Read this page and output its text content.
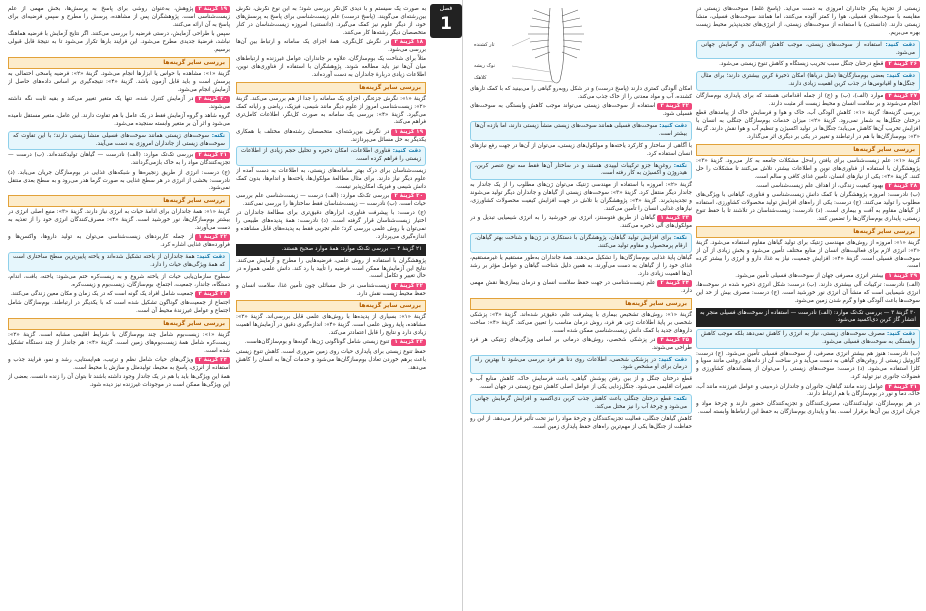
زیستی از تجزیهٔ پیکر جانداران امروزی به دست می‌آید. (پاسخ غلط) سوخت‌های زیستی در مقایسه با سوخت‌های فسیلی، هوا را کمتر آلوده می‌کنند، اما همانند سوخت‌های فسیلی، منشأ زیستی دارند. (دانستنی) با استفاده از سوخت‌های زیستی، از انرژی‌های تجدیدپذیر محیط زیست بهره می‌بریم.

دقت کنید: استفاده از سوخت‌های زیستی، موجب کاهش آلایندگی و گرمایش جهانی می‌شود.

۲۶ گزینهٔ ۲قطع درختان جنگل سبب تخریب زیستگاه و کاهش تنوع زیستی می‌شود.

دقت کنید: بعضی بوم‌سازگان‌ها (مثل دریاها) امکان ذخیرهٔ کربن بیشتری دارند؛ برای مثال جنگل‌ها و اقیانوس‌ها در جذب کربن اهمیت زیادی دارند.

۲۷ گزینهٔ ۴موارد (الف)، (ب) و (ج) از جمله اقداماتی هستند که برای پایداری بوم‌سازگان انجام می‌شوند و بر سلامت انسان و محیط زیست اثر مثبت دارند.

بررسی گزینه‌ها: گزینهٔ «۱»: کاهش آلودگی آب، خاک و هوا و فرسایش خاک از پیامدهای قطع درختان جنگل‌ها به شمار نمی‌رود. گزینهٔ «۲»: میزان خدمات بوم‌سازگان جنگلی به انسان با افزایش تخریب آن‌ها کاهش می‌یابد؛ جنگل‌ها در تولید اکسیژن و تنظیم آب و هوا نقش دارند. گزینهٔ «۳»: بوم‌سازگان‌ها با هم در ارتباطند و تغییر در یکی بر دیگری اثر می‌گذارد.

بررسی سایر گزینه‌ها

گزینهٔ «۱»: علم زیست‌شناسی برای یافتن راه‌حل مشکلات جامعه به کار می‌رود. گزینهٔ «۳»: پژوهشگران با استفاده از فناوری‌های نوین و اطلاعات بیشتر، تلاش می‌کنند تا مشکلات را حل کنند. گزینهٔ «۴»: یکی از نیازهای انسان، تأمین غذای کافی و سالم است.

۲۸ گزینهٔ ۲بهبود کیفیت زندگی، از اهداف علم زیست‌شناسی است.

(ب) نادرست: امروزه پژوهشگران با کمک دانش زیست‌شناسی و فناوری، گیاهانی با ویژگی‌های مطلوب را تولید می‌کنند. (ج) درست: یکی از راه‌های افزایش تولید محصولات کشاورزی، استفاده از گیاهان مقاوم به آفت و بیماری است. (د) نادرست: زیست‌شناسان در تلاشند تا با حفظ تنوع زیستی، پایداری بوم‌سازگان‌ها را تضمین کنند.

بررسی سایر گزینه‌ها

گزینهٔ «۱»: امروزه از روش‌های مهندسی ژنتیک برای تولید گیاهان مقاوم استفاده می‌شود. گزینهٔ «۳»: انرژی لازم برای فعالیت‌های انسان از منابع مختلف تأمین می‌شود و بخش زیادی از آن از سوخت‌های فسیلی است. گزینهٔ «۴»: افزایش جمعیت، نیاز به غذا، دارو و انرژی را بیشتر کرده است.

۲۹ گزینهٔ ۱بیشتر انرژی مصرفی جهان از سوخت‌های فسیلی تأمین می‌شود.

(الف) نادرست: ترکیبات آلی بیشتری دارند. (ب) درست: شکل انرژی ذخیره شده در سوخت‌ها، انرژی شیمیایی است که منشأ آن انرژی نور خورشید است. (ج) درست: مصرف بیش از حد این سوخت‌ها باعث آلودگی هوا و گرم شدن زمین می‌شود.

۳۰ گزینهٔ ۳ — بررسی تک‌تک موارد: (الف) نادرست — استفاده از سوخت‌های فسیلی منجر به انتشار گاز کربن دی‌اکسید می‌شود.
دقت کنید: مصرف سوخت‌های زیستی، نیاز به انرژی را کاهش نمی‌دهد بلکه موجب کاهش وابستگی به سوخت‌های فسیلی می‌شود.

(ب) نادرست: هنوز هم بیشتر انرژی مصرفی، از سوخت‌های فسیلی تأمین می‌شود. (ج) درست: گازوئیل زیستی از روغن‌های گیاهی به دست می‌آید و در ساخت آن از دانه‌های روغنی مانند سویا و کلزا استفاده می‌شود. (د) درست: سوخت‌های زیستی را می‌توان از پسماندهای کشاورزی و فضولات جانوری نیز تولید کرد.

۳۱ گزینهٔ ۴عوامل زنده مانند گیاهان، جانوران و جانداران ذره‌بینی و عوامل غیرزنده مانند آب، خاک، دما و نور در بوم‌سازگان با هم ارتباط دارند.

در هر بوم‌سازگان، تولیدکنندگان، مصرف‌کنندگان و تجزیه‌کنندگان حضور دارند و چرخهٔ مواد و جریان انرژی بین آن‌ها برقرار است. بقا و پایداری بوم‌سازگان به حفظ این ارتباط‌ها وابسته است.

امکان آلودگی کمتری دارند (پاسخ درست) و در شکل روبه‌رو گیاهی را می‌بینید که با کمک تارهای کشنده، آب و مواد معدنی را از خاک جذب می‌کند.

۳۲ گزینهٔ ۳استفاده از سوخت‌های زیستی می‌تواند موجب کاهش وابستگی به سوخت‌های فسیلی شود.

دقت کنید: سوخت‌های فسیلی همانند سوخت‌های زیستی منشأ زیستی دارند، اما بازده آن‌ها بیشتر است.

با آگاهی از ساختار و کارکرد یاخته‌ها و مولکول‌های زیستی، می‌توان از آن‌ها در جهت رفع نیازهای انسان استفاده کرد.

نکته: روغن‌ها جزو ترکیبات لیپیدی هستند و در ساختار آن‌ها فقط سه نوع عنصر کربن، هیدروژن و اکسیژن به کار رفته است.

گزینهٔ «۲»: امروزه با استفاده از مهندسی ژنتیک می‌توان ژن‌های مطلوب را از یک جاندار به جاندار دیگر منتقل کرد. گزینهٔ «۳»: سوخت‌های زیستی از گیاهان و جانداران دیگر تولید می‌شوند و تجدیدپذیرند. گزینهٔ «۴»: پژوهشگران با تلاش در جهت افزایش کیفیت محصولات کشاورزی، نیازهای غذایی انسان را تأمین می‌کنند.

۳۳ گزینهٔ ۱گیاهان از طریق فتوسنتز، انرژی نور خورشید را به انرژی شیمیایی تبدیل و در مولکول‌های آلی ذخیره می‌کنند.

نکته: برای افزایش تولید گیاهان، پژوهشگران با دستکاری در ژن‌ها و شناخت بهتر گیاهان، ارقام پرمحصول و مقاوم تولید می‌کنند.

گیاهان پایهٔ غذایی بوم‌سازگان‌ها را تشکیل می‌دهند. همهٔ جانداران به‌طور مستقیم یا غیرمستقیم، غذای خود را از گیاهان به دست می‌آورند. به همین دلیل شناخت گیاهان و عوامل مؤثر بر رشد آن‌ها اهمیت زیادی دارد.

۳۴ گزینهٔ ۲علم زیست‌شناسی در جهت حفظ سلامت انسان و درمان بیماری‌ها نقش مهمی دارد.

بررسی سایر گزینه‌ها

گزینهٔ «۱»: روش‌های تشخیص بیماری با پیشرفت علم، دقیق‌تر شده‌اند. گزینهٔ «۳»: پزشکی شخصی بر پایهٔ اطلاعات ژنی هر فرد، روش درمان مناسب را تعیین می‌کند. گزینهٔ «۴»: ساخت داروهای جدید با کمک دانش زیست‌شناسی ممکن شده است.

۳۵ گزینهٔ ۴در پزشکی شخصی، روش‌های درمانی بر اساس ویژگی‌های ژنتیکی هر فرد طراحی می‌شوند.

دقت کنید: در پزشکی شخصی، اطلاعات روی دنا هر فرد بررسی می‌شود تا بهترین راه درمان برای او مشخص شود.

قطع درختان جنگل و از بین رفتن پوشش گیاهی، باعث فرسایش خاک، کاهش منابع آب و تغییرات اقلیمی می‌شود. جنگل‌زدایی یکی از عوامل اصلی کاهش تنوع زیستی در جهان است.

نکته: قطع درختان جنگلی باعث کاهش جذب کربن دی‌اکسید و افزایش گرمایش جهانی می‌شود و چرخهٔ آب را نیز مختل می‌کند.

کاهش گیاهان جنگلی، فعالیت تجزیه‌کنندگان و چرخهٔ مواد را نیز تحت تأثیر قرار می‌دهد. از این رو حفاظت از جنگل‌ها یکی از مهم‌ترین راه‌های حفظ پایداری زمین است.

به صورت یک سیستم و با دیدی کل‌نگر بررسی شود؛ به این نوع نگرش، نگرش بین‌رشته‌ای می‌گویند. (پاسخ درست) علم زیست‌شناسی برای پاسخ به پرسش‌های خود، از دیگر علوم نیز کمک می‌گیرد. (دانستنی) امروزه زیست‌شناسان در کنار متخصصان دیگر رشته‌ها کار می‌کنند.

۱۸ گزینهٔ ۳در نگرش کل‌نگری، همهٔ اجزای یک سامانه و ارتباط بین آن‌ها بررسی می‌شود.

مثلاً برای شناخت یک بوم‌سازگان، علاوه بر جانداران، عوامل غیرزنده و ارتباط‌های میان آن‌ها نیز باید مطالعه شوند. پژوهشگران با استفاده از فناوری‌های نوین، اطلاعات زیادی دربارهٔ جانداران به دست آورده‌اند.

بررسی سایر گزینه‌ها

گزینهٔ «۱»: نگرش جزءنگر، اجزای یک سامانه را جدا از هم بررسی می‌کند. گزینهٔ «۲»: زیست‌شناسی امروز از علوم دیگر مانند شیمی، فیزیک، ریاضی و رایانه کمک می‌گیرد. گزینهٔ «۴»: بررسی یک سامانه به صورت کل‌نگر، اطلاعات کامل‌تری فراهم می‌کند.

۱۹ گزینهٔ ۱در نگرش بین‌رشته‌ای، متخصصان رشته‌های مختلف با همکاری یکدیگر به حل مسائل می‌پردازند.

دقت کنید: فناوری اطلاعات، امکان ذخیره و تحلیل حجم زیادی از اطلاعات زیستی را فراهم کرده است.

زیست‌شناسان برای درک بهتر سامانه‌های زیستی، به اطلاعات به دست آمده از علوم دیگر نیاز دارند. برای مثال مطالعهٔ مولکول‌ها، یاخته‌ها و اندام‌ها، بدون کمک دانش شیمی و فیزیک امکان‌پذیر نیست.

۲۰ گزینهٔ ۲بررسی تک‌تک موارد: (الف) درست — زیست‌شناسی علم بررسی حیات است. (ب) نادرست — زیست‌شناسان فقط ساختارها را بررسی نمی‌کنند.

(ج) درست: با پیشرفت فناوری، ابزارهای دقیق‌تری برای مطالعهٔ جانداران در اختیار زیست‌شناسان قرار گرفته است. (د) نادرست: همهٔ پدیده‌های طبیعی را نمی‌توان با روش علمی بررسی کرد؛ علم تجربی فقط به پدیده‌های قابل مشاهده و اندازه‌گیری می‌پردازد.

۲۱ گزینهٔ ۴ — بررسی تک‌تک موارد: همهٔ موارد صحیح هستند.

پژوهشگران با استفاده از روش علمی، فرضیه‌هایی را مطرح و آزمایش می‌کنند. نتایج این آزمایش‌ها ممکن است فرضیه را تأیید یا رد کند. دانش علمی همواره در حال تغییر و تکامل است.

۲۲ گزینهٔ ۳زیست‌شناسی در حل مسائلی چون تأمین غذا، سلامت انسان و حفظ محیط زیست نقش دارد.

بررسی سایر گزینه‌ها

گزینهٔ «۱»: بسیاری از پدیده‌ها با روش‌های علمی قابل بررسی‌اند. گزینهٔ «۲»: مشاهده، پایهٔ روش علمی است. گزینهٔ «۴»: اندازه‌گیری دقیق در آزمایش‌ها اهمیت زیادی دارد و نتایج را قابل اعتمادتر می‌کند.

۲۳ گزینهٔ ۱تنوع زیستی شامل گوناگونی ژن‌ها، گونه‌ها و بوم‌سازگان‌هاست.

حفظ تنوع زیستی برای پایداری حیات روی زمین ضروری است. کاهش تنوع زیستی باعث برهم خوردن تعادل بوم‌سازگان‌ها می‌شود و خدمات آن‌ها به انسان را کاهش می‌دهد.

۱۹ گزینهٔ ۳پژوهش، به‌عنوان روشی برای پاسخ به پرسش‌ها، بخش مهمی از علم زیست‌شناسی است. پژوهشگران پس از مشاهده، پرسش را مطرح و سپس فرضیه‌ای برای پاسخ به آن ارائه می‌کنند.

سپس با طراحی آزمایش، درستی فرضیه را بررسی می‌کنند. اگر نتایج آزمایش با فرضیه هماهنگ نباشد، فرضیهٔ جدیدی مطرح می‌شود. این فرایند بارها تکرار می‌شود تا به نتیجهٔ قابل قبولی برسیم.

بررسی سایر گزینه‌ها

گزینهٔ «۱»: مشاهده با حواس یا ابزارها انجام می‌شود. گزینهٔ «۲»: فرضیه پاسخی احتمالی به پرسش است و باید قابل آزمون باشد. گزینهٔ «۴»: نتیجه‌گیری بر اساس داده‌های حاصل از آزمایش انجام می‌شود.

۲۰ گزینهٔ ۴در آزمایش کنترل شده، تنها یک متغیر تغییر می‌کند و بقیه ثابت نگه داشته می‌شوند.

گروه شاهد و گروه آزمایش فقط در یک عامل با هم تفاوت دارند. این عامل، متغیر مستقل نامیده می‌شود و اثر آن بر متغیر وابسته سنجیده می‌شود.

نکته: سوخت‌های زیستی همانند سوخت‌های فسیلی منشأ زیستی دارند؛ با این تفاوت که سوخت‌های زیستی از جانداران امروزی به دست می‌آیند.

۲۱ گزینهٔ ۲بررسی تک‌تک موارد: (الف) نادرست — گیاهان تولیدکننده‌اند. (ب) درست — تجزیه‌کنندگان مواد را به خاک بازمی‌گردانند.

(ج) درست: انرژی از طریق زنجیره‌ها و شبکه‌های غذایی در بوم‌سازگان جریان می‌یابد. (د) نادرست: بخشی از انرژی در هر سطح غذایی به صورت گرما هدر می‌رود و به سطح بعدی منتقل نمی‌شود.

بررسی سایر گزینه‌ها

گزینهٔ «۱»: همهٔ جانداران برای ادامهٔ حیات به انرژی نیاز دارند. گزینهٔ «۳»: منبع اصلی انرژی در بیشتر بوم‌سازگان‌ها، نور خورشید است. گزینهٔ «۴»: مصرف‌کنندگان انرژی خود را از تغذیه به دست می‌آورند.

۲۲ گزینهٔ ۱از جمله کاربردهای زیست‌شناسی می‌توان به تولید داروها، واکسن‌ها و فراورده‌های غذایی اشاره کرد.

دقت کنید: همهٔ جانداران از یاخته تشکیل شده‌اند و یاخته پایین‌ترین سطح ساختاری است که همهٔ ویژگی‌های حیات را دارد.

سطوح سازمان‌یابی حیات از یاخته شروع و به زیست‌کره ختم می‌شود: یاخته، بافت، اندام، دستگاه، جاندار، جمعیت، اجتماع، بوم‌سازگان، زیست‌بوم و زیست‌کره.

۲۳ گزینهٔ ۳جمعیت شامل افراد یک گونه است که در یک زمان و مکان معین زندگی می‌کنند.

اجتماع از جمعیت‌های گوناگون تشکیل شده است که با یکدیگر در ارتباطند. بوم‌سازگان شامل اجتماع و عوامل غیرزندهٔ محیط آن است.

بررسی سایر گزینه‌ها

گزینهٔ «۱»: زیست‌بوم شامل چند بوم‌سازگان با شرایط اقلیمی مشابه است. گزینهٔ «۲»: زیست‌کره شامل همهٔ زیست‌بوم‌های زمین است. گزینهٔ «۴»: هر جاندار از چند دستگاه تشکیل شده است.

۲۴ گزینهٔ ۲ویژگی‌های حیات شامل نظم و ترتیب، هم‌ایستایی، رشد و نمو، فرایند جذب و استفاده از انرژی، پاسخ به محیط، تولیدمثل و سازش با محیط است.

همهٔ این ویژگی‌ها باید با هم در یک جاندار وجود داشته باشند تا بتوان آن را زنده دانست. بعضی از این ویژگی‌ها ممکن است در موجودات غیرزنده نیز دیده شود.

فصل
1
تار کشنده
نوک ریشه
کلاهک
